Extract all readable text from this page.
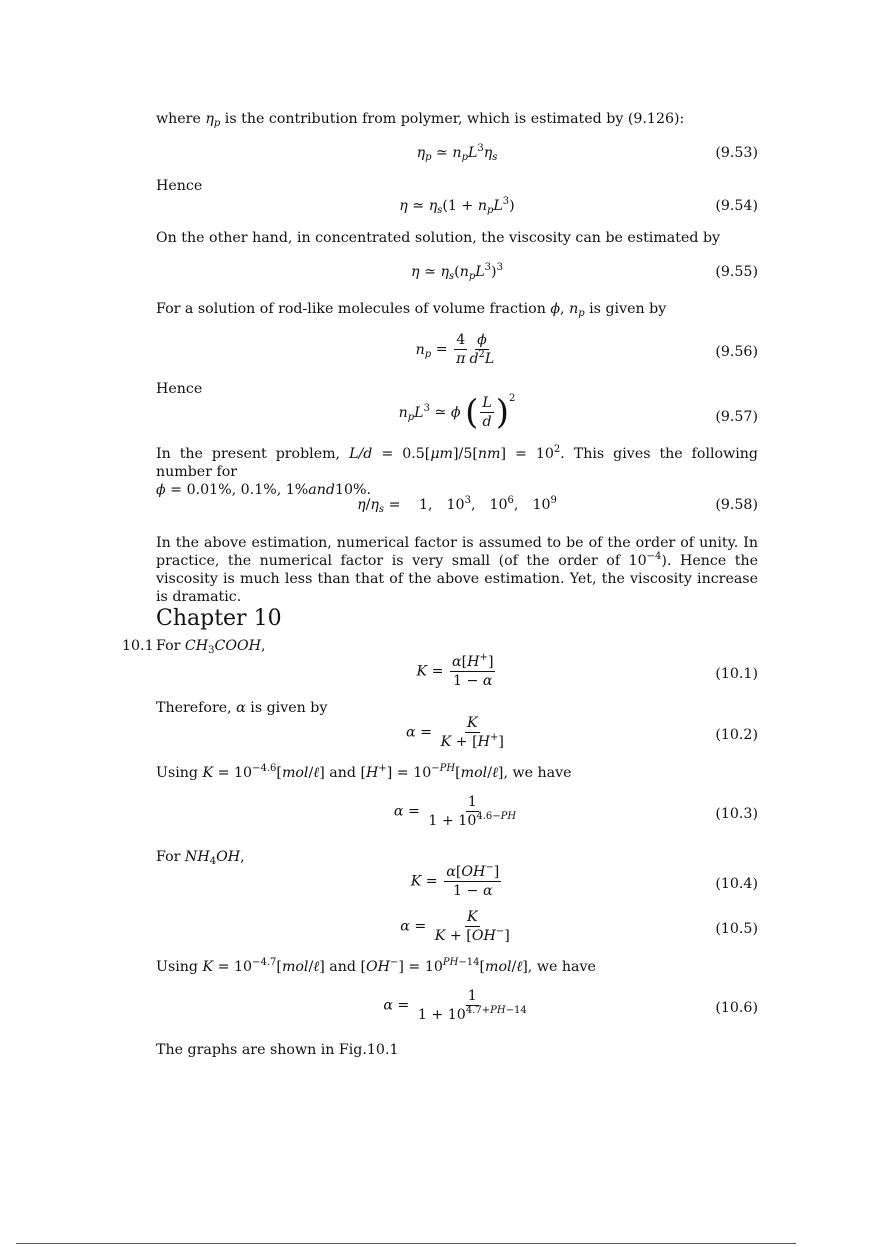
where $\eta_p$ is the contribution from polymer, which is estimated by (9.126):

$\eta_p$ ≃ $n_pL^3\eta_s$	(9.53)

Hence

η ≃ $\eta_s(1 + n_pL^3)$	(9.54)

On the other hand, in concentrated solution, the viscosity can be estimated by

η ≃ $\eta_s(n_pL^3)^3$	(9.55)

For a solution of rod-like molecules of volume fraction ϕ, $n_p$ is given by

$n_p = \frac{4}{\pi} \frac{\phi}{d^2L}$	(9.56)

Hence

$n_pL^3$ ≃ ϕ ( $\frac{L}{d} )^2$
(9.57)

In the present problem, $L/d = 0.5[\mu m]/5[nm] = 10^2$. This gives the following number for
ϕ = 0.01%, 0.1%, 1%and10%.

$\eta/\eta_s = 1$, $10^3$, $10^6$, $10^9$	(9.58)

In the above estimation, numerical factor is assumed to be of the order of unity. In practice, the numerical factor is very small (of the order of $10^{-4}$). Hence the viscosity is much less than that of the above estimation. Yet, the viscosity increase is dramatic.

Chapter 10
10.1 For $CH_3COOH$,

$K = \frac{\alpha[H^+]}{1 - \alpha}$	(10.1)

Therefore, α is given by

$\alpha = \frac{K}{K + [H^+]}$	(10.2)

Using $K = 10^{-4.6}[mol/\ell]$ and $[H^+] = 10^{-PH}[mol/\ell]$, we have

$\alpha = \frac{1}{1 + 10^{4.6-PH}}$	(10.3)

For $NH_4OH$,

$K = \frac{\alpha[OH^-]}{1 - \alpha}$	(10.4)
$\alpha = \frac{K}{K + [OH^-]}$	(10.5)

Using $K = 10^{-4.7}[mol/\ell]$ and $[OH^-] = 10^{PH-14}[mol/\ell]$, we have

$\alpha = \frac{1}{1 + 10^{4.7+PH-14}}$	(10.6)

The graphs are shown in Fig.10.1
